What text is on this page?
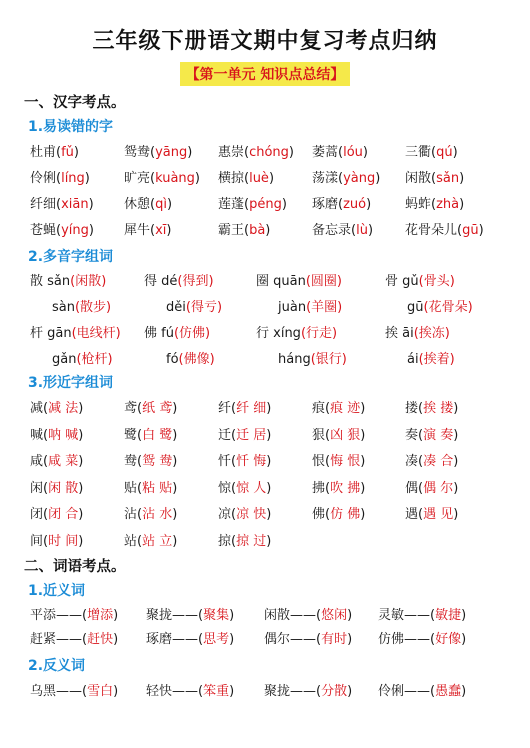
三年级下册语文期中复习考点归纳
【第一单元 知识点总结】
一、汉字考点。
1.易读错的字
杜甫(fǔ)	鸳鸯(yāng) 惠崇(chóng) 萎蒿(lóu)	三衢(qú)
伶俐(líng)	旷亮(kuàng) 横掠(luè)	荡漾(yàng) 闲散(sǎn)
纤细(xiān) 休憩(qì)	莲蓬(péng) 琢磨(zuó)	蚂蚱(zhà)
苍蝇(yíng) 犀牛(xī)	霸王(bà)	备忘录(lù) 花骨朵儿(gū)
2.多音字组词
散 sǎn(闲散)	得 dé(得到)	圈 quān(圆圈)	骨 gǔ(骨头)
sàn(散步)	děi(得亏)	juàn(羊圈)	gū(花骨朵)
杆 gān(电线杆) 佛 fú(仿佛)	行 xíng(行走)	挨 āi(挨冻)
gǎn(枪杆)	fó(佛像)	háng(银行)	ái(挨着)
3.形近字组词
减(减 法)	鸢(纸 鸢)	纤(纤 细)	痕(痕 迹)	搂(挨 搂)
喊(呐 喊)	鹭(白 鹭)	迁(迁 居)	狠(凶 狠)	奏(演 奏)
咸(咸 菜)	鸯(鸳 鸯)	忏(忏 悔)	恨(悔 恨)	凑(凑 合)
闲(闲 散)	贴(粘 贴)	惊(惊 人)	拂(吹 拂)	偶(偶 尔)
闭(闭 合)	沾(沾 水)	凉(凉 快)	佛(仿 佛)	遇(遇 见)
间(时 间)	站(站 立)	掠(掠 过)
二、词语考点。
1.近义词
平添——(增添) 聚拢——(聚集) 闲散——(悠闲) 灵敏——(敏捷)
赶紧——(赶快) 琢磨——(思考) 偶尔——(有时) 仿佛——(好像)
2.反义词
乌黑——(雪白) 轻快——(笨重) 聚拢——(分散) 伶俐——(愚蠢)
